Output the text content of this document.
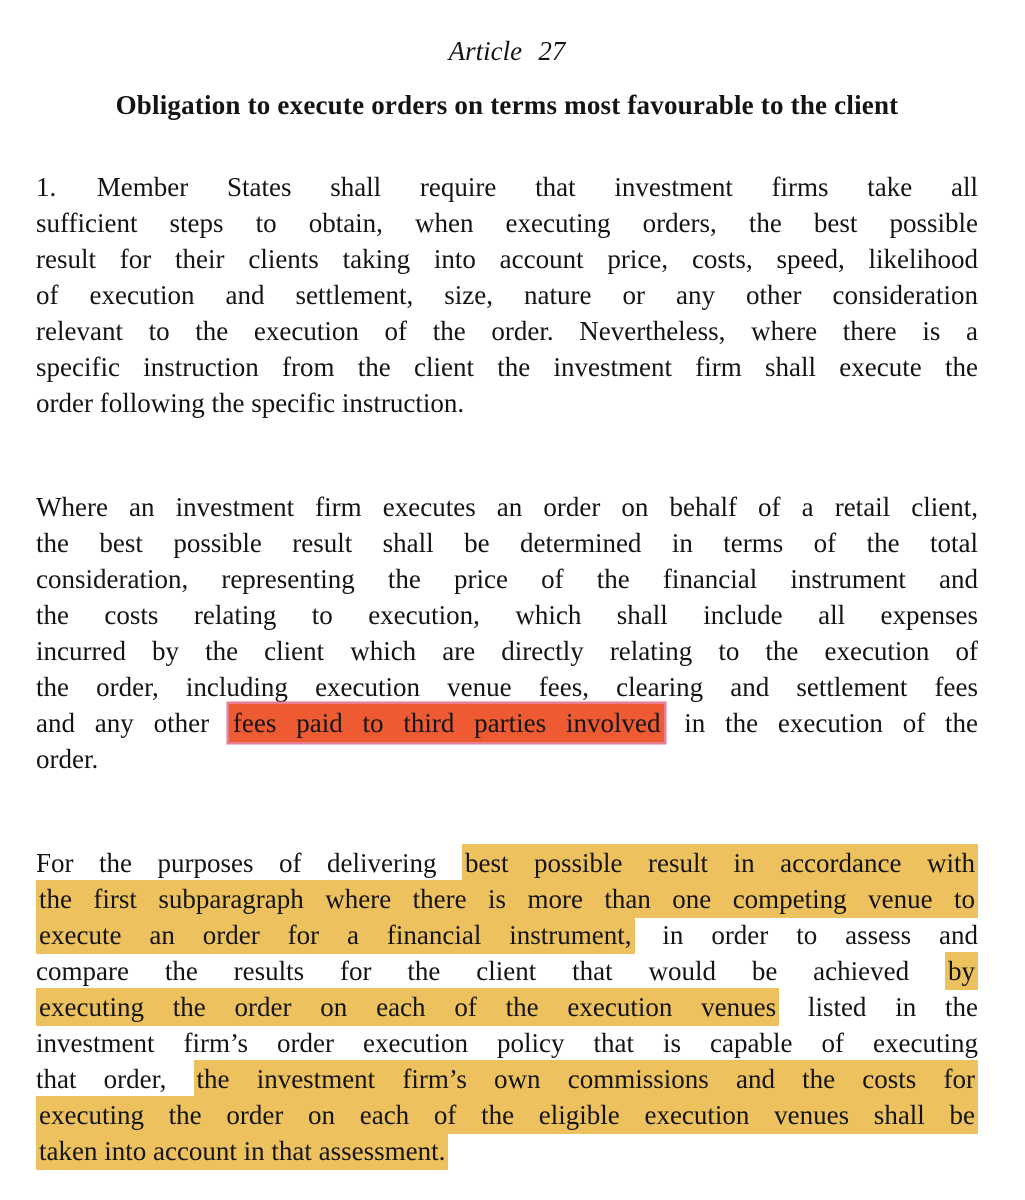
Article 27
Obligation to execute orders on terms most favourable to the client
1.  Member States shall require that investment firms take all
sufficient steps to obtain, when executing orders, the best possible
result for their clients taking into account price, costs, speed, likelihood
of execution and settlement, size, nature or any other consideration
relevant to the execution of the order. Nevertheless, where there is a
specific instruction from the client the investment firm shall execute the
order following the specific instruction.
Where an investment firm executes an order on behalf of a retail client,
the best possible result shall be determined in terms of the total
consideration, representing the price of the financial instrument and
the costs relating to execution, which shall include all expenses
incurred by the client which are directly relating to the execution of
the order, including execution venue fees, clearing and settlement fees
and any other fees paid to third parties involved in the execution of the
order.
For the purposes of delivering best possible result in accordance with
the first subparagraph where there is more than one competing venue to
execute an order for a financial instrument, in order to assess and
compare the results for the client that would be achieved by
executing the order on each of the execution venues listed in the
investment firm’s order execution policy that is capable of executing
that order, the investment firm’s own commissions and the costs for
executing the order on each of the eligible execution venues shall be
taken into account in that assessment.
